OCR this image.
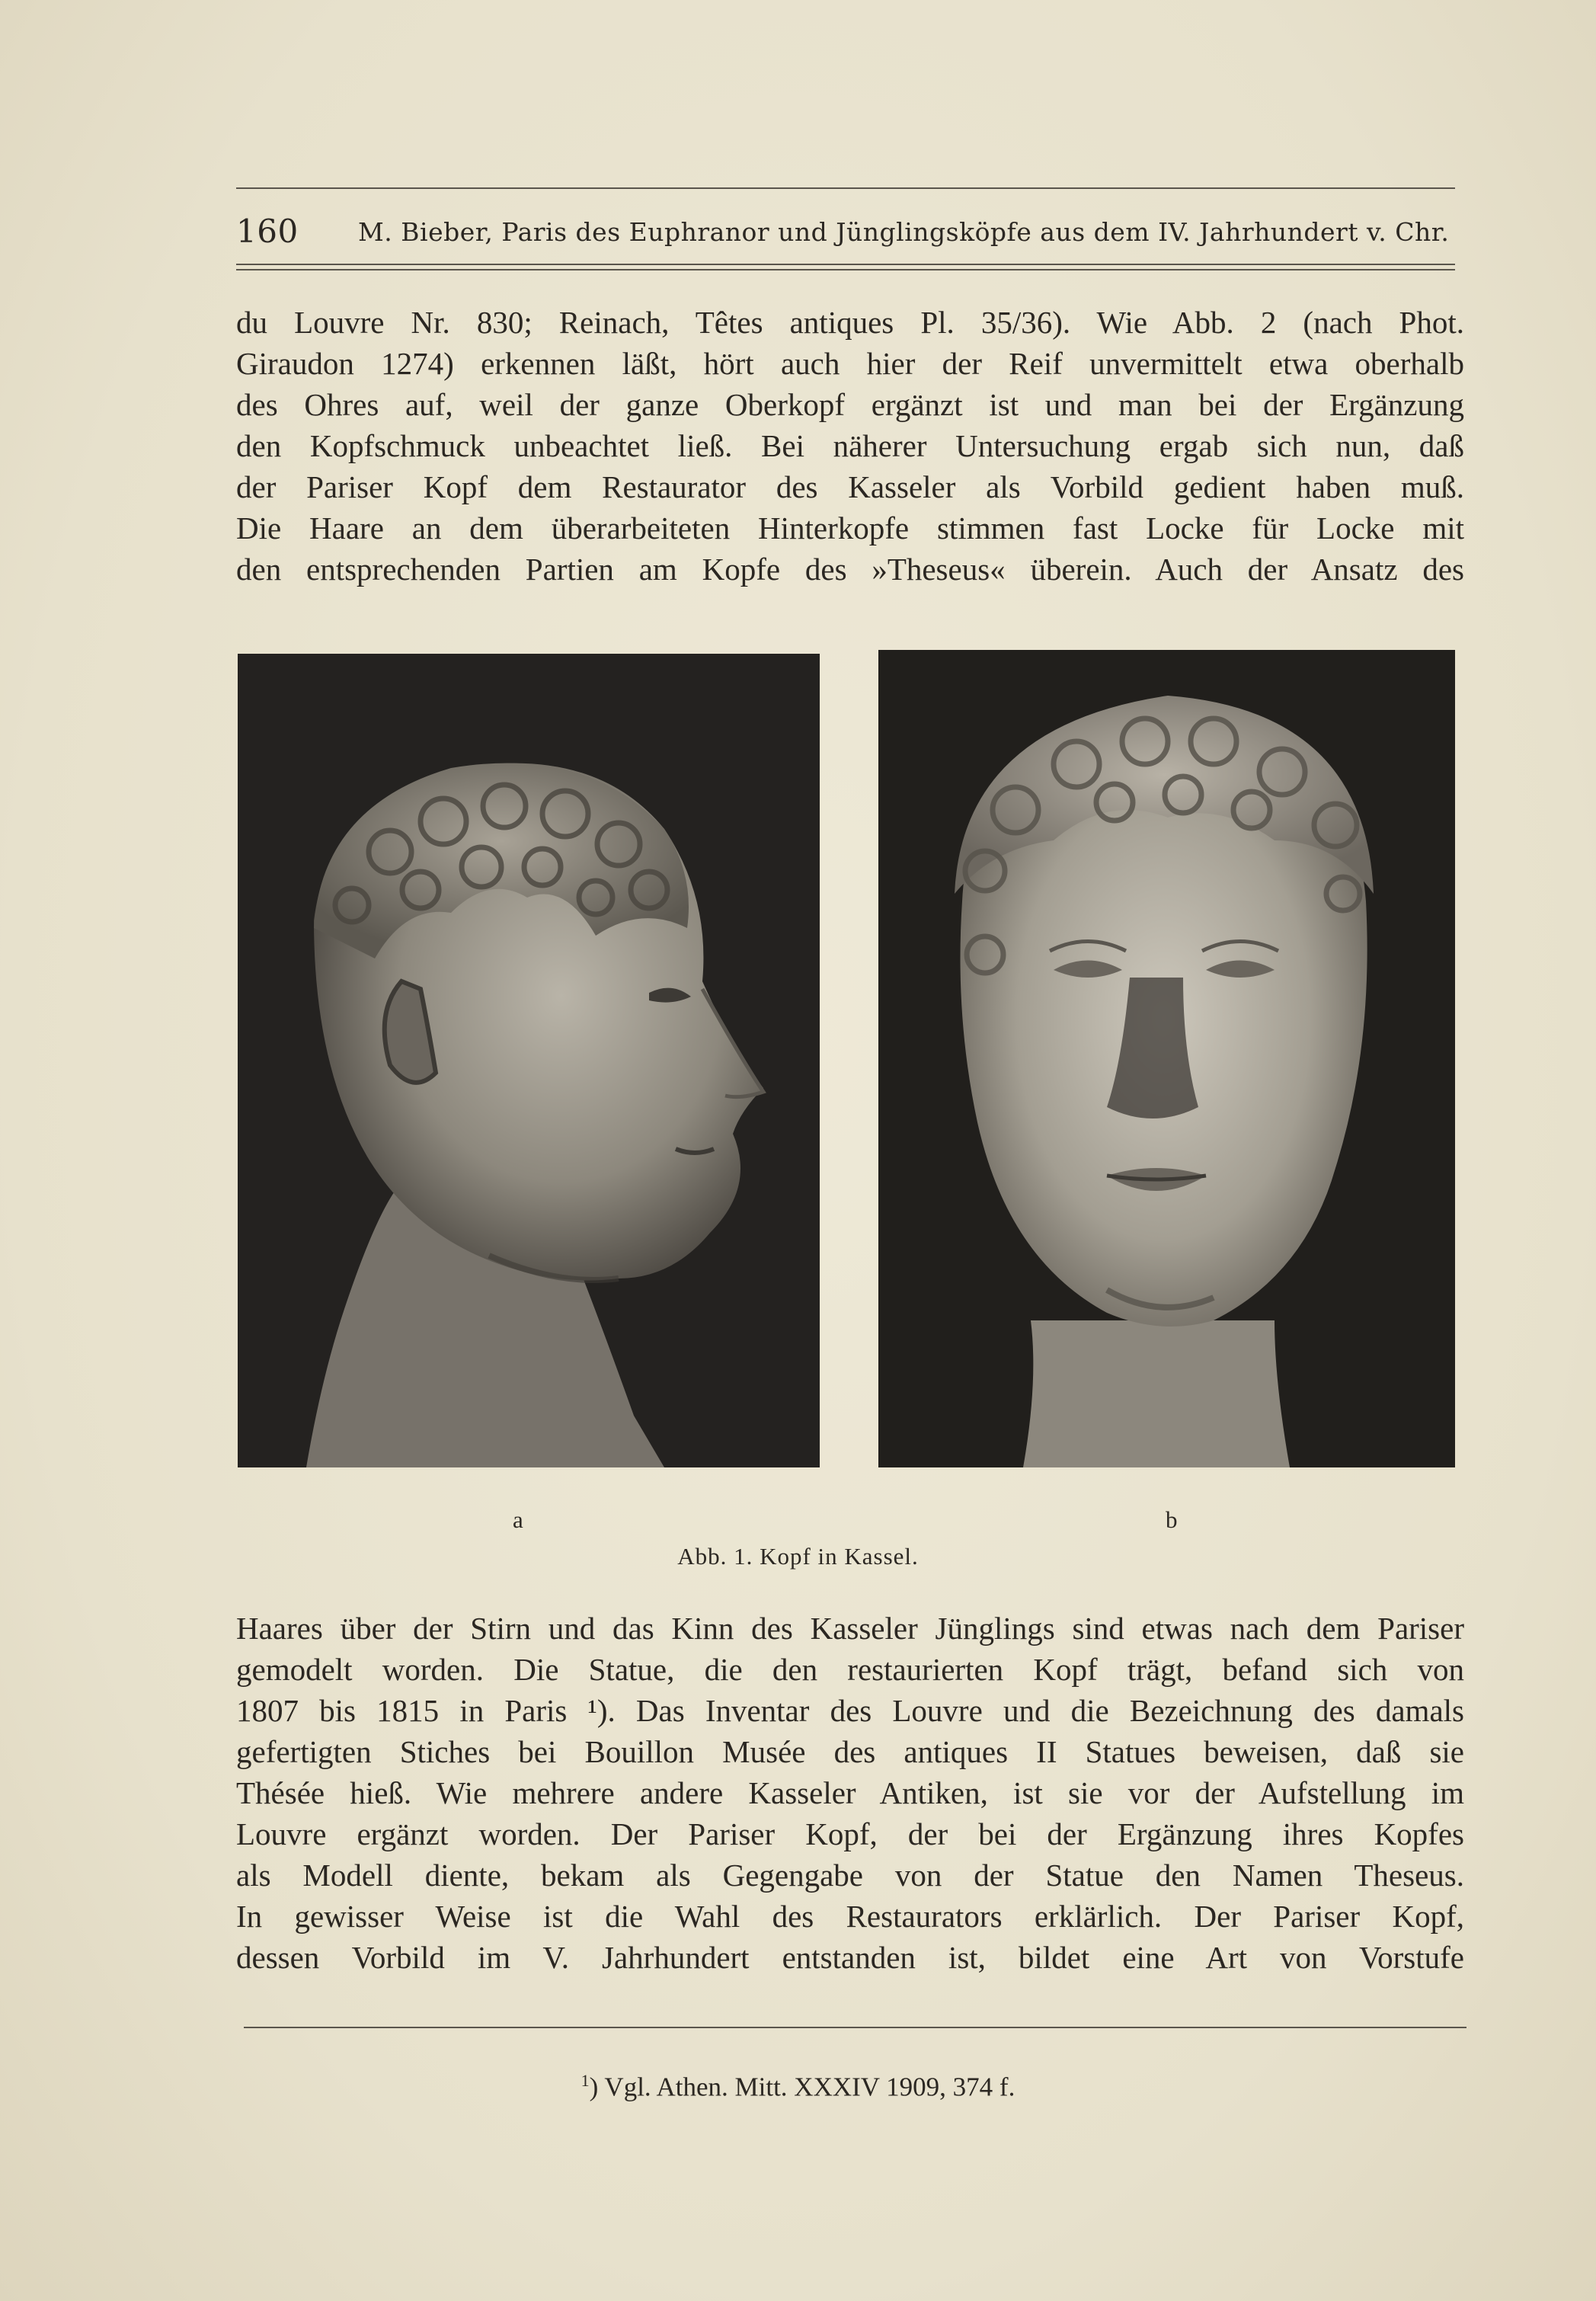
160 M. Bieber, Paris des Euphranor und Jünglingsköpfe aus dem IV. Jahrhundert v. Chr.
du Louvre Nr. 830; Reinach, Têtes antiques Pl. 35/36). Wie Abb. 2 (nach Phot.
Giraudon 1274) erkennen läßt, hört auch hier der Reif unvermittelt etwa oberhalb
des Ohres auf, weil der ganze Oberkopf ergänzt ist und man bei der Ergänzung
den Kopfschmuck unbeachtet ließ. Bei näherer Untersuchung ergab sich nun, daß
der Pariser Kopf dem Restaurator des Kasseler als Vorbild gedient haben muß.
Die Haare an dem überarbeiteten Hinterkopfe stimmen fast Locke für Locke mit
den entsprechenden Partien am Kopfe des »Theseus« überein. Auch der Ansatz des
a	b
Abb. 1. Kopf in Kassel.
Haares über der Stirn und das Kinn des Kasseler Jünglings sind etwas nach dem Pariser
gemodelt worden. Die Statue, die den restaurierten Kopf trägt, befand sich von
1807 bis 1815 in Paris ¹). Das Inventar des Louvre und die Bezeichnung des damals
gefertigten Stiches bei Bouillon Musée des antiques II Statues beweisen, daß sie
Thésée hieß. Wie mehrere andere Kasseler Antiken, ist sie vor der Aufstellung im
Louvre ergänzt worden. Der Pariser Kopf, der bei der Ergänzung ihres Kopfes
als Modell diente, bekam als Gegengabe von der Statue den Namen Theseus.
In gewisser Weise ist die Wahl des Restaurators erklärlich. Der Pariser Kopf,
dessen Vorbild im V. Jahrhundert entstanden ist, bildet eine Art von Vorstufe
$^1$) Vgl. Athen. Mitt. XXXIV 1909, 374 f.
